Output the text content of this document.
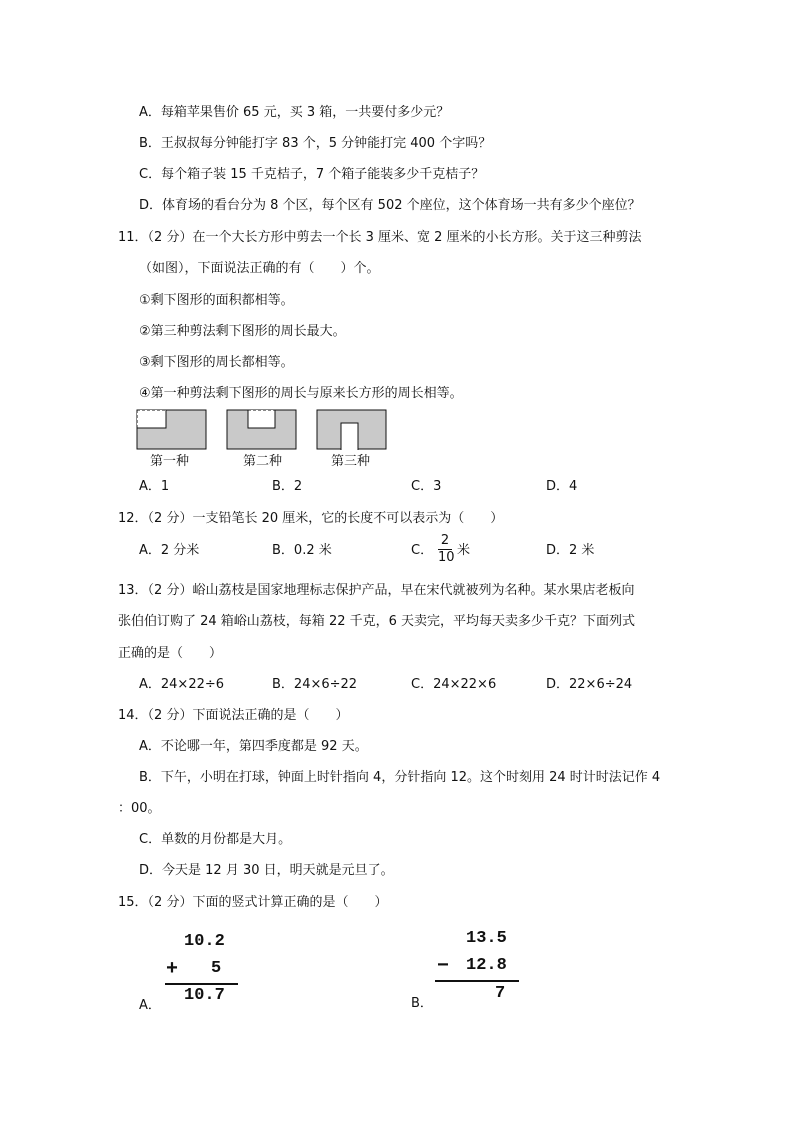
A．每箱苹果售价 65 元，买 3 箱，一共要付多少元？
B．王叔叔每分钟能打字 83 个，5 分钟能打完 400 个字吗？
C．每个箱子装 15 千克桔子，7 个箱子能装多少千克桔子？
D．体育场的看台分为 8 个区，每个区有 502 个座位，这个体育场一共有多少个座位？
11．（2 分）在一个大长方形中剪去一个长 3 厘米、宽 2 厘米的小长方形。关于这三种剪法
（如图），下面说法正确的有（　　）个。
①剩下图形的面积都相等。
②第三种剪法剩下图形的周长最大。
③剩下图形的周长都相等。
④第一种剪法剩下图形的周长与原来长方形的周长相等。
第一种	第二种	第三种
A．1	B．2	C．3	D．4
12．（2 分）一支铅笔长 20 厘米，它的长度不可以表示为（　　）
A．2 分米	B．0.2 米	C．
2
10 米	D．2 米
13．（2 分）峪山荔枝是国家地理标志保护产品，早在宋代就被列为名种。某水果店老板向
张伯伯订购了 24 箱峪山荔枝，每箱 22 千克，6 天卖完，平均每天卖多少千克？下面列式
正确的是（　　）
A．24×22÷6	B．24×6÷22	C．24×22×6	D．22×6÷24
14．（2 分）下面说法正确的是（　　）
A．不论哪一年，第四季度都是 92 天。
B．下午，小明在打球，钟面上时针指向 4，分针指向 12。这个时刻用 24 时计时法记作 4
：00。
C．单数的月份都是大月。
D．今天是 12 月 30 日，明天就是元旦了。
15．（2 分）下面的竖式计算正确的是（　　）
10.2
+ 5
10.7
A．
13.5
− 12.8
7
B．
